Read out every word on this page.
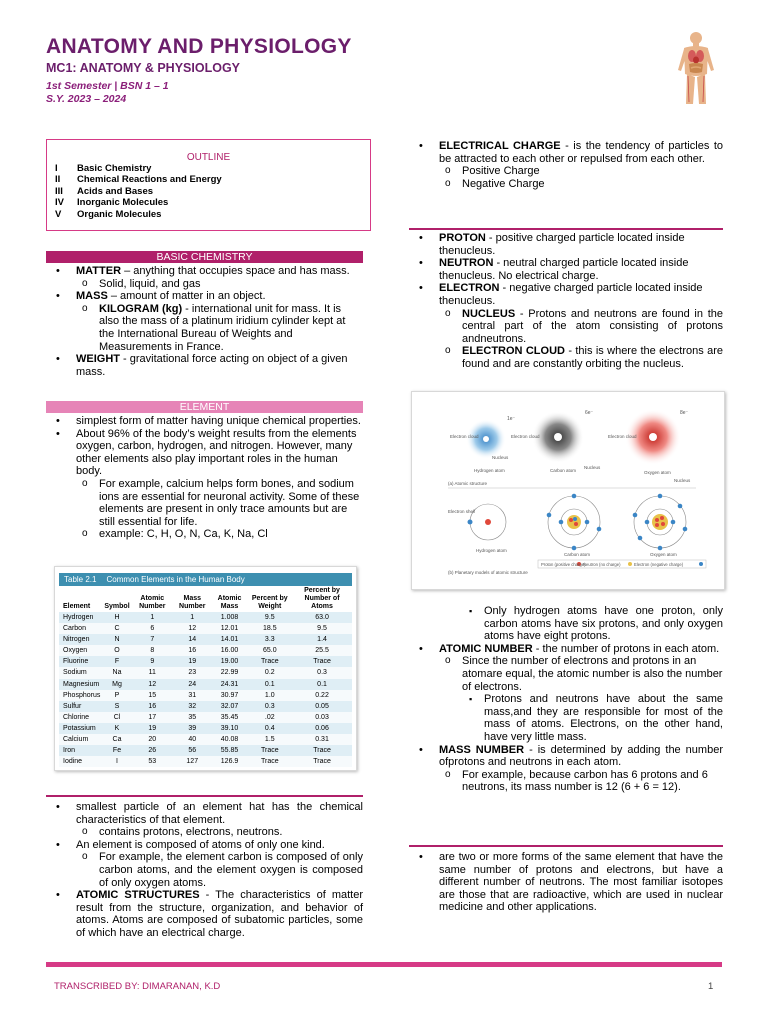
ANATOMY AND PHYSIOLOGY
MC1: ANATOMY & PHYSIOLOGY
1st Semester | BSN 1 – 1
S.Y. 2023 – 2024
OUTLINE
I Basic Chemistry
II Chemical Reactions and Energy
III Acids and Bases
IV Inorganic Molecules
V Organic Molecules
BASIC CHEMISTRY
• MATTER – anything that occupies space and has mass.
o Solid, liquid, and gas
• MASS – amount of matter in an object.
o KILOGRAM (kg) - international unit for mass. It is also the mass of a platinum iridium cylinder kept at the International Bureau of Weights and Measurements in France.
• WEIGHT - gravitational force acting on object of a given mass.
ELEMENT
• simplest form of matter having unique chemical properties.
• About 96% of the body’s weight results from the elements oxygen, carbon, hydrogen, and nitrogen. However, many other elements also play important roles in the human body.
o For example, calcium helps form bones, and sodium ions are essential for neuronal activity. Some of these elements are present in only trace amounts but are still essential for life.
o example: C, H, O, N, Ca, K, Na, Cl
Table 2.1 Common Elements in the Human Body
Element	Symbol	Atomic Number	Mass Number	Atomic Mass	Percent by Weight	Percent by Number of Atoms
Hydrogen	H	1	1	1.008	9.5	63.0
Carbon	C	6	12	12.01	18.5	9.5
Nitrogen	N	7	14	14.01	3.3	1.4
Oxygen	O	8	16	16.00	65.0	25.5
Fluorine	F	9	19	19.00	Trace	Trace
Sodium	Na	11	23	22.99	0.2	0.3
Magnesium	Mg	12	24	24.31	0.1	0.1
Phosphorus	P	15	31	30.97	1.0	0.22
Sulfur	S	16	32	32.07	0.3	0.05
Chlorine	Cl	17	35	35.45	.02	0.03
Potassium	K	19	39	39.10	0.4	0.06
Calcium	Ca	20	40	40.08	1.5	0.31
Iron	Fe	26	56	55.85	Trace	Trace
Iodine	I	53	127	126.9	Trace	Trace
• smallest particle of an element hat has the chemical characteristics of that element.
o contains protons, electrons, neutrons.
• An element is composed of atoms of only one kind.
o For example, the element carbon is composed of only carbon atoms, and the element oxygen is composed of only oxygen atoms.
• ATOMIC STRUCTURES - The characteristics of matter result from the structure, organization, and behavior of atoms. Atoms are composed of subatomic particles, some of which have an electrical charge.
• ELECTRICAL CHARGE - is the tendency of particles to be attracted to each other or repulsed from each other.
o Positive Charge
o Negative Charge
• PROTON - positive charged particle located inside thenucleus.
• NEUTRON - neutral charged particle located inside thenucleus. No electrical charge.
• ELECTRON - negative charged particle located inside thenucleus.
o NUCLEUS - Protons and neutrons are found in the central part of the atom consisting of protons andneutrons.
o ELECTRON CLOUD - this is where the electrons are found and are constantly orbiting the nucleus.
1e⁻
6e⁻	8e⁻
Electron cloud	Electron cloud	Electron cloud
Nucleus
Nucleus
Nucleus
Hydrogen atom	Carbon atom	Oxygen atom
(a) Atomic structure
Electron shell
Hydrogen atom
Carbon atom	Oxygen atom
Proton (positive charge)
Neutron (no charge)	Electron (negative charge)
(b) Planetary models of atomic structure
▪ Only hydrogen atoms have one proton, only carbon atoms have six protons, and only oxygen atoms have eight protons.
• ATOMIC NUMBER - the number of protons in each atom.
o Since the number of electrons and protons in an atomare equal, the atomic number is also the number of electrons.
▪ Protons and neutrons have about the same mass,and they are responsible for most of the mass of atoms. Electrons, on the other hand, have very little mass.
• MASS NUMBER - is determined by adding the number ofprotons and neutrons in each atom.
o For example, because carbon has 6 protons and 6 neutrons, its mass number is 12 (6 + 6 = 12).
• are two or more forms of the same element that have the same number of protons and electrons, but have a different number of neutrons. The most familiar isotopes are those that are radioactive, which are used in nuclear medicine and other applications.
TRANSCRIBED BY: DIMARANAN, K.D	1
